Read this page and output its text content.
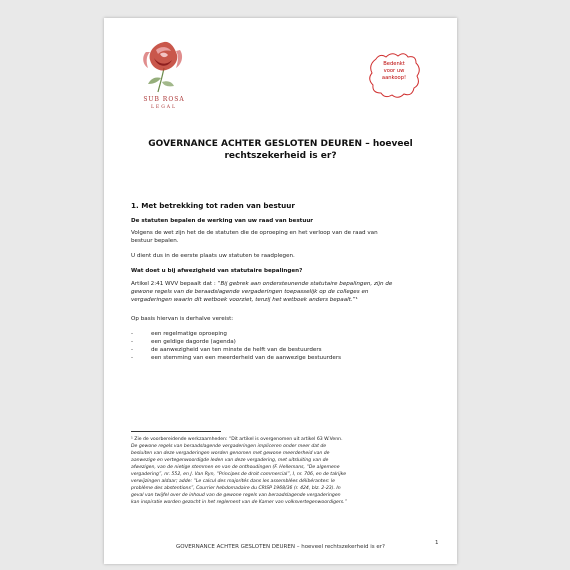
SUB ROSA
LEGAL
Bedenkt
voor uw
aankoop!
GOVERNANCE ACHTER GESLOTEN DEUREN – hoeveel
rechtszekerheid is er?
1. Met betrekking tot raden van bestuur
De statuten bepalen de werking van uw raad van bestuur
Volgens de wet zijn het de de statuten die de oproeping en het verloop van de raad van
bestuur bepalen.
U dient dus in de eerste plaats uw statuten te raadplegen.
Wat doet u bij afwezigheid van statutaire bepalingen?
Artikel 2:41 WVV bepaalt dat : “Bij gebrek aan ondersteunende statutaire bepalingen, zijn de
gewone regels van de beraadslagende vergaderingen toepasselijk op de colleges en
vergaderingen waarin dit wetboek voorziet, tenzij het wetboek anders bepaalt.”¹
Op basis hiervan is derhalve vereist:
-	een regelmatige oproeping
-	een geldige dagorde (agenda)
-	de aanwezigheid van ten minste de helft van de bestuurders
-	een stemming van een meerderheid van de aanwezige bestuurders
¹ Zie de voorbereidende werkzaamheden: “Dit artikel is overgenomen uit artikel 63 W.Venn.
De gewone regels van beraadslagende vergaderingen impliceren onder meer dat de
besluiten van deze vergaderingen worden genomen met gewone meerderheid van de
aanwezige en vertegenwoordigde leden van deze vergadering, met uitsluiting van de
afwezigen, van de nietige stemmen en van de onthoudingen (F. Hellemans, “De algemene
vergadering”, nr. 552, en J. Van Ryn, “Principes de droit commercial”, I, nr. 706, en de talrijke
verwijzingen aldaar; adde: “Le calcul des majorités dans les assemblées délibérantes: le
problème des abstentions”, Courrier hebdomadaire du CRISP 1968/36 (r. 424, blz. 2-23). In
geval van twijfel over de inhoud van de gewone regels van beraadslagende vergaderingen
kan inspiratie worden gezocht in het reglement van de Kamer van volksvertegenwoordigers.”
1
GOVERNANCE ACHTER GESLOTEN DEUREN – hoeveel rechtszekerheid is er?
